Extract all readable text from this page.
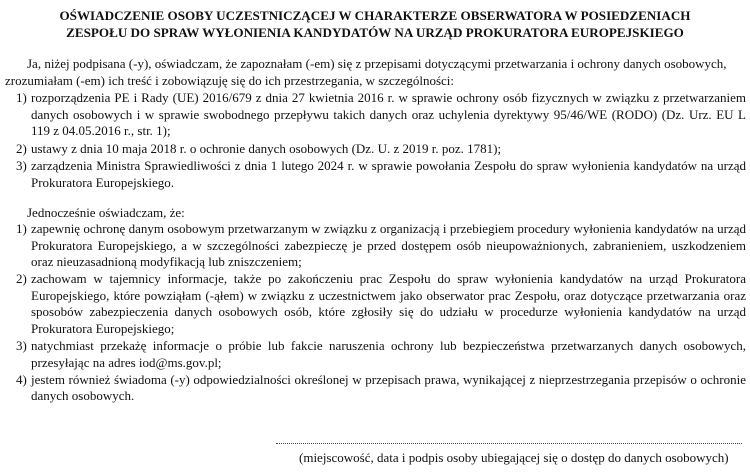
OŚWIADCZENIE OSOBY UCZESTNICZĄCEJ W CHARAKTERZE OBSERWATORA W POSIEDZENIACH
ZESPOŁU DO SPRAW WYŁONIENIA KANDYDATÓW NA URZĄD PROKURATORA EUROPEJSKIEGO
Ja, niżej podpisana (-y), oświadczam, że zapoznałam (-em) się z przepisami dotyczącymi przetwarzania i ochrony danych osobowych,
zrozumiałam (-em) ich treść i zobowiązuję się do ich przestrzegania, w szczególności:
1) rozporządzenia PE i Rady (UE) 2016/679 z dnia 27 kwietnia 2016 r. w sprawie ochrony osób fizycznych w związku z przetwarzaniem danych osobowych i w sprawie swobodnego przepływu takich danych oraz uchylenia dyrektywy 95/46/WE (RODO) (Dz. Urz. EU L 119 z 04.05.2016 r., str. 1);
2) ustawy z dnia 10 maja 2018 r. o ochronie danych osobowych (Dz. U. z 2019 r. poz. 1781);
3) zarządzenia Ministra Sprawiedliwości z dnia 1 lutego 2024 r. w sprawie powołania Zespołu do spraw wyłonienia kandydatów na urząd Prokuratora Europejskiego.
Jednocześnie oświadczam, że:
1) zapewnię ochronę danym osobowym przetwarzanym w związku z organizacją i przebiegiem procedury wyłonienia kandydatów na urząd Prokuratora Europejskiego, a w szczególności zabezpieczę je przed dostępem osób nieupoważnionych, zabranieniem, uszkodzeniem oraz nieuzasadnioną modyfikacją lub zniszczeniem;
2) zachowam w tajemnicy informacje, także po zakończeniu prac Zespołu do spraw wyłonienia kandydatów na urząd Prokuratora Europejskiego, które powziąłam (-ąłem) w związku z uczestnictwem jako obserwator prac Zespołu, oraz dotyczące przetwarzania oraz sposobów zabezpieczenia danych osobowych osób, które zgłosiły się do udziału w procedurze wyłonienia kandydatów na urząd Prokuratora Europejskiego;
3) natychmiast przekażę informacje o próbie lub fakcie naruszenia ochrony lub bezpieczeństwa przetwarzanych danych osobowych, przesyłając na adres iod@ms.gov.pl;
4) jestem również świadoma (-y) odpowiedzialności określonej w przepisach prawa, wynikającej z nieprzestrzegania przepisów o ochronie danych osobowych.
(miejscowość, data i podpis osoby ubiegającej się o dostęp do danych osobowych)
